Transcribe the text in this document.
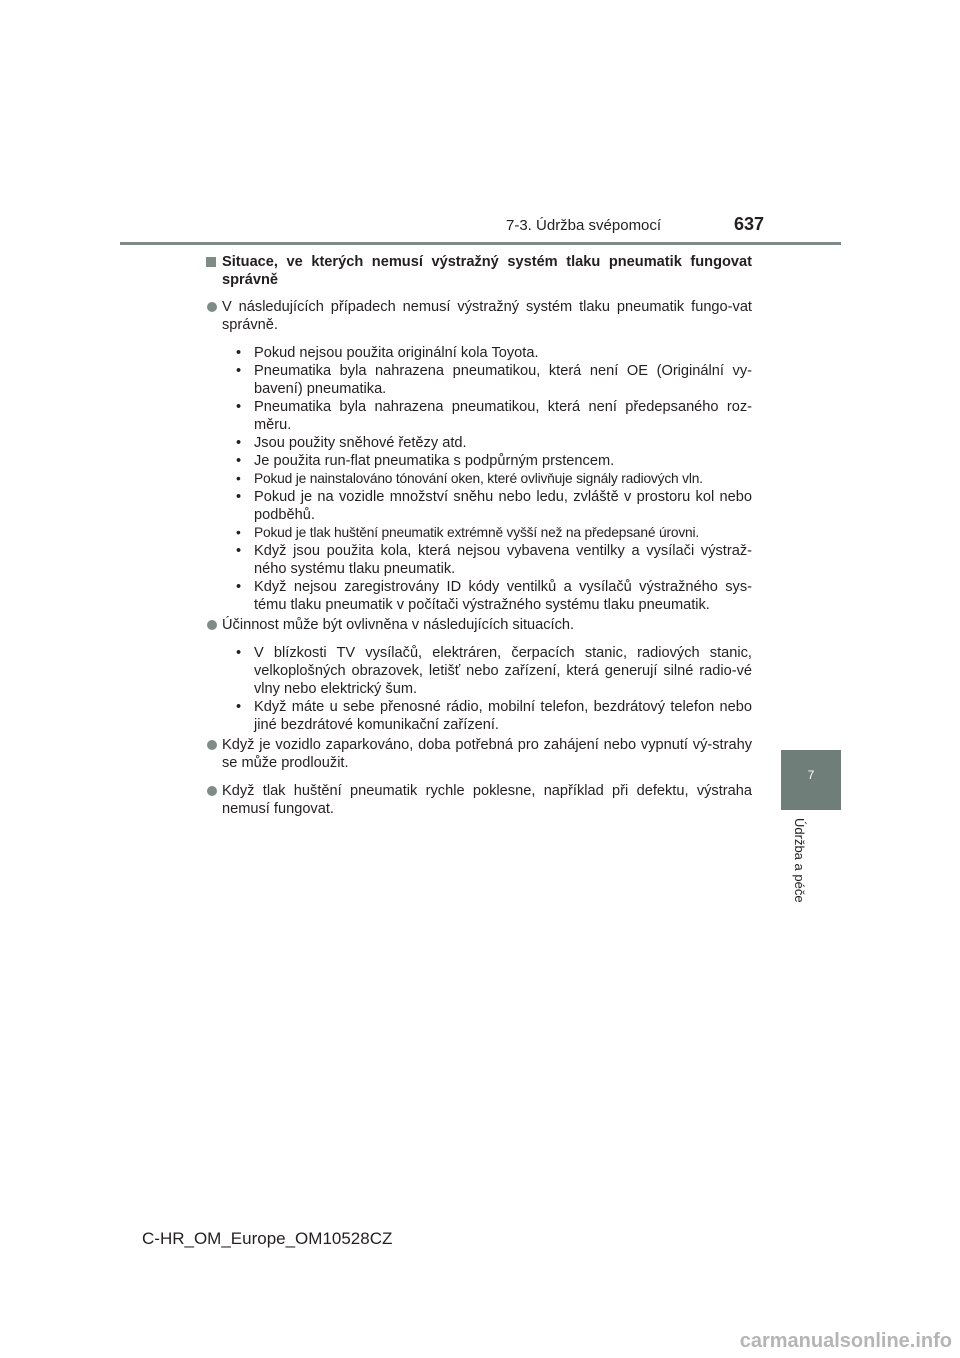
7-3. Údržba svépomocí	637
7
Údržba a péče
Situace, ve kterých nemusí výstražný systém tlaku pneumatik fungovat správně
V následujících případech nemusí výstražný systém tlaku pneumatik fungo-vat správně.
• Pokud nejsou použita originální kola Toyota.
• Pneumatika byla nahrazena pneumatikou, která není OE (Originální vy-bavení) pneumatika.
• Pneumatika byla nahrazena pneumatikou, která není předepsaného roz-měru.
• Jsou použity sněhové řetězy atd.
• Je použita run-flat pneumatika s podpůrným prstencem.
• Pokud je nainstalováno tónování oken, které ovlivňuje signály radiových vln.
• Pokud je na vozidle množství sněhu nebo ledu, zvláště v prostoru kol nebo podběhů.
• Pokud je tlak huštění pneumatik extrémně vyšší než na předepsané úrovni.
• Když jsou použita kola, která nejsou vybavena ventilky a vysílači výstraž-ného systému tlaku pneumatik.
• Když nejsou zaregistrovány ID kódy ventilků a vysílačů výstražného sys-tému tlaku pneumatik v počítači výstražného systému tlaku pneumatik.
Účinnost může být ovlivněna v následujících situacích.
• V blízkosti TV vysílačů, elektráren, čerpacích stanic, radiových stanic, velkoplošných obrazovek, letišť nebo zařízení, která generují silné radio-vé vlny nebo elektrický šum.
• Když máte u sebe přenosné rádio, mobilní telefon, bezdrátový telefon nebo jiné bezdrátové komunikační zařízení.
Když je vozidlo zaparkováno, doba potřebná pro zahájení nebo vypnutí vý-strahy se může prodloužit.
Když tlak huštění pneumatik rychle poklesne, například při defektu, výstraha nemusí fungovat.
C-HR_OM_Europe_OM10528CZ
carmanualsonline.info
